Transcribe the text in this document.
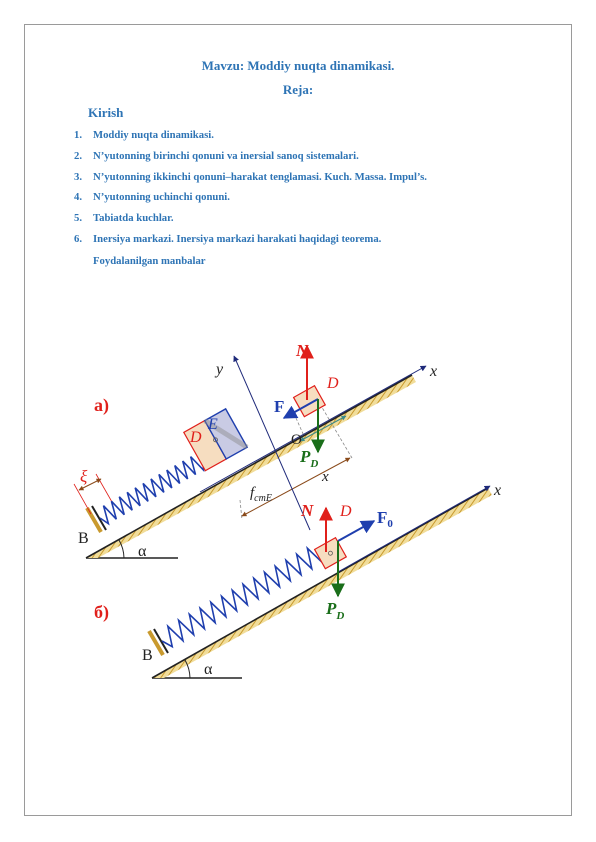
Mavzu: Moddiy nuqta dinamikasi.
Reja:
Kirish
1.	Moddiy nuqta dinamikasi.
2.	N’yutonning birinchi qonuni va inersial sanoq sistemalari.
3.	N’yutonning ikkinchi qonuni–harakat tenglamasi. Kuch. Massa. Impul’s.
4.	N’yutonning uchinchi qonuni.
5.	Tabiatda kuchlar.
6.	Inersiya markazi. Inersiya markazi harakati haqidagi teorema.
Foydalanilgan manbalar
а)
α
B
ξ
D
E
$f_{cmE}$
x
y	x
O
D
N
F
$P_D$
б)
α
x
B
D
N	$F_0$
$P_D$
